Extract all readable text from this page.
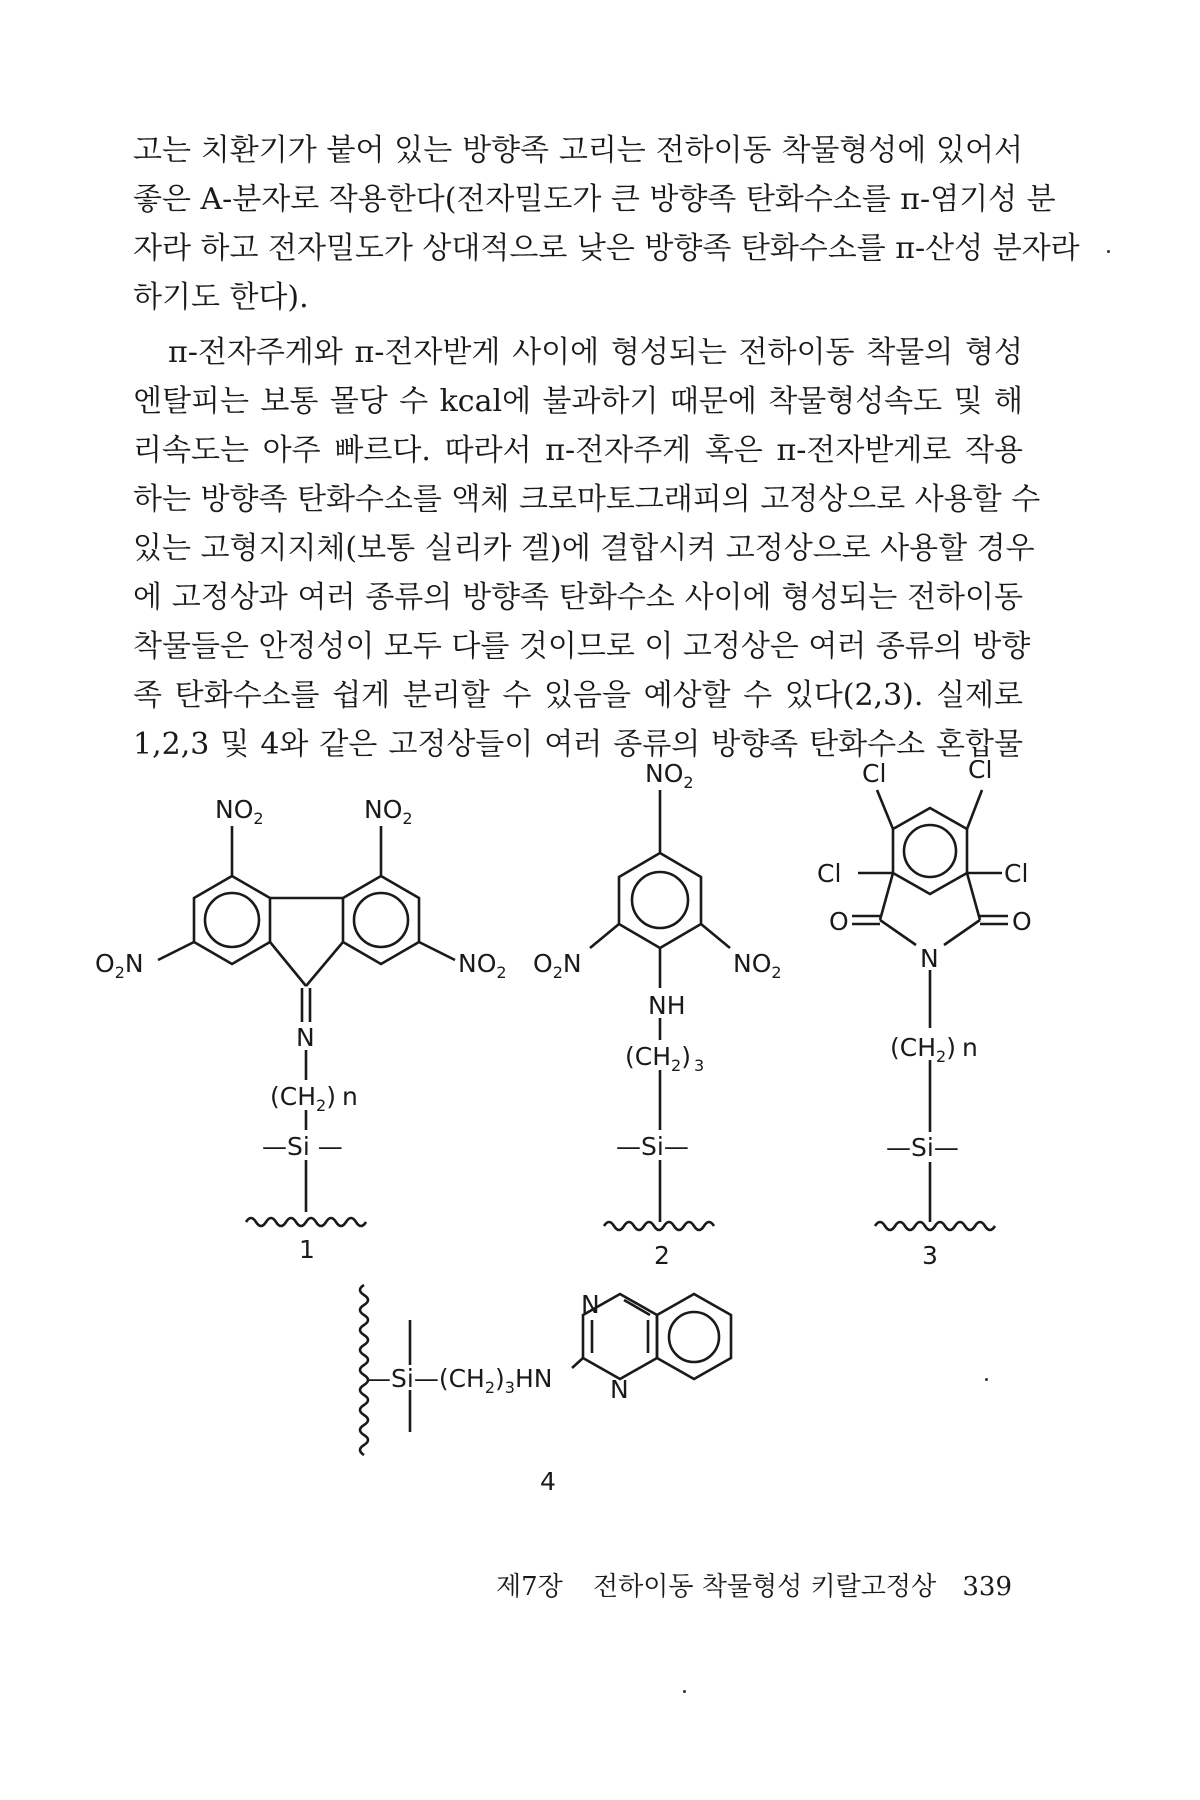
고는 치환기가 붙어 있는 방향족 고리는 전하이동 착물형성에 있어서
좋은 A-분자로 작용한다(전자밀도가 큰 방향족 탄화수소를 π-염기성 분
자라 하고 전자밀도가 상대적으로 낮은 방향족 탄화수소를 π-산성 분자라
하기도 한다).
π-전자주게와 π-전자받게 사이에 형성되는 전하이동 착물의 형성
엔탈피는 보통 몰당 수 kcal에 불과하기 때문에 착물형성속도 및 해
리속도는 아주 빠르다. 따라서 π-전자주게 혹은 π-전자받게로 작용
하는 방향족 탄화수소를 액체 크로마토그래피의 고정상으로 사용할 수
있는 고형지지체(보통 실리카 겔)에 결합시켜 고정상으로 사용할 경우
에 고정상과 여러 종류의 방향족 탄화수소 사이에 형성되는 전하이동
착물들은 안정성이 모두 다를 것이므로 이 고정상은 여러 종류의 방향
족 탄화수소를 쉽게 분리할 수 있음을 예상할 수 있다(2,3). 실제로
1,2,3 및 4와 같은 고정상들이 여러 종류의 방향족 탄화수소 혼합물
$NO_2$	$NO_2$
$O_2N$	$NO_2$
N
$(CH_2)$ n
—Si —
1
$NO_2$
$O_2N$	$NO_2$
NH
$(CH_2)$ $_3$
—Si—
2
Cl	Cl
Cl	Cl
O	O
N
$(CH_2)$ n
—Si—
3
N
N
$—Si—(CH_2)_3HN$
4
제7장 전하이동 착물형성 키랄고정상 339
